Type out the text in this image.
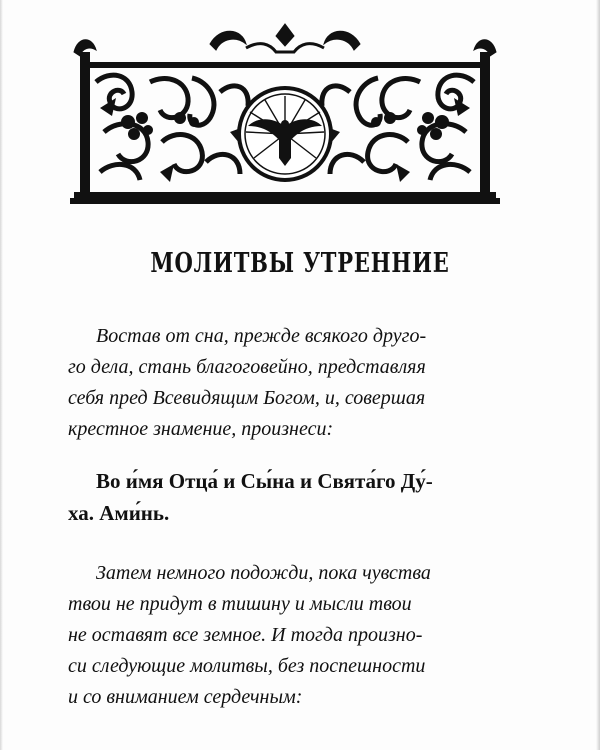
МОЛИТВЫ УТРЕННИЕ
Востав от сна, прежде всякого друго-
го дела, стань благоговейно, представляя
себя пред Всевидящим Богом, и, совершая
крестное знамение, произнеси:
Во и́мя Отца́ и Сы́на и Свята́го Ду́-
ха. Ами́нь.
Затем немного подожди, пока чувства
твои не придут в тишину и мысли твои
не оставят все земное. И тогда произно-
си следующие молитвы, без поспешности
и со вниманием сердечным:
